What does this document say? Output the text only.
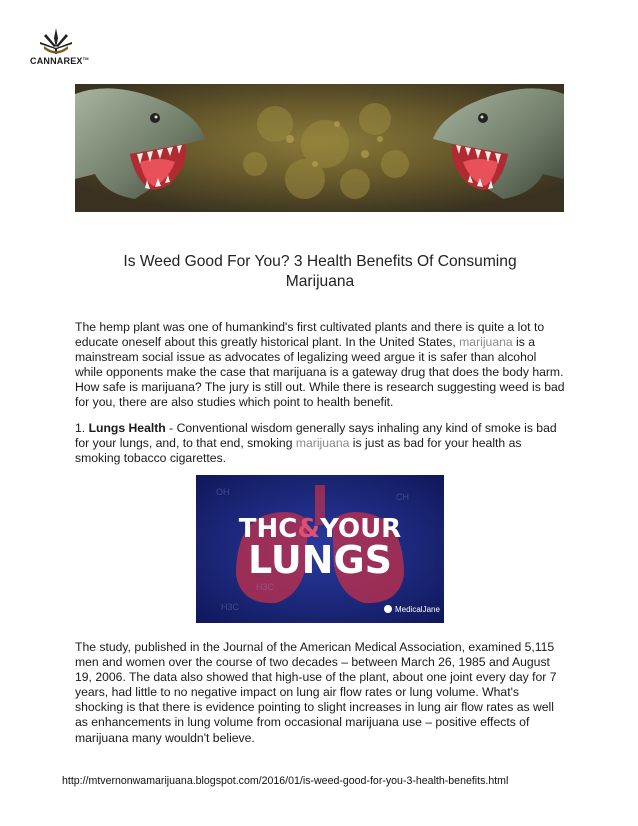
CANNAREX™
Is Weed Good For You? 3 Health Benefits Of Consuming Marijuana

The hemp plant was one of humankind's first cultivated plants and there is quite a lot to educate oneself about this greatly historical plant. In the United States, marijuana is a mainstream social issue as advocates of legalizing weed argue it is safer than alcohol while opponents make the case that marijuana is a gateway drug that does the body harm. How safe is marijuana? The jury is still out. While there is research suggesting weed is bad for you, there are also studies which point to health benefit.

1. Lungs Health - Conventional wisdom generally says inhaling any kind of smoke is bad for your lungs, and, to that end, smoking marijuana is just as bad for your health as smoking tobacco cigarettes.

OH	CH
H3C
H3C
THC&YOUR
LUNGS
MedicalJane

The study, published in the Journal of the American Medical Association, examined 5,115 men and women over the course of two decades – between March 26, 1985 and August 19, 2006. The data also showed that high-use of the plant, about one joint every day for 7 years, had little to no negative impact on lung air flow rates or lung volume. What's shocking is that there is evidence pointing to slight increases in lung air flow rates as well as enhancements in lung volume from occasional marijuana use – positive effects of marijuana many wouldn't believe.

http://mtvernonwamarijuana.blogspot.com/2016/01/is-weed-good-for-you-3-health-benefits.html
